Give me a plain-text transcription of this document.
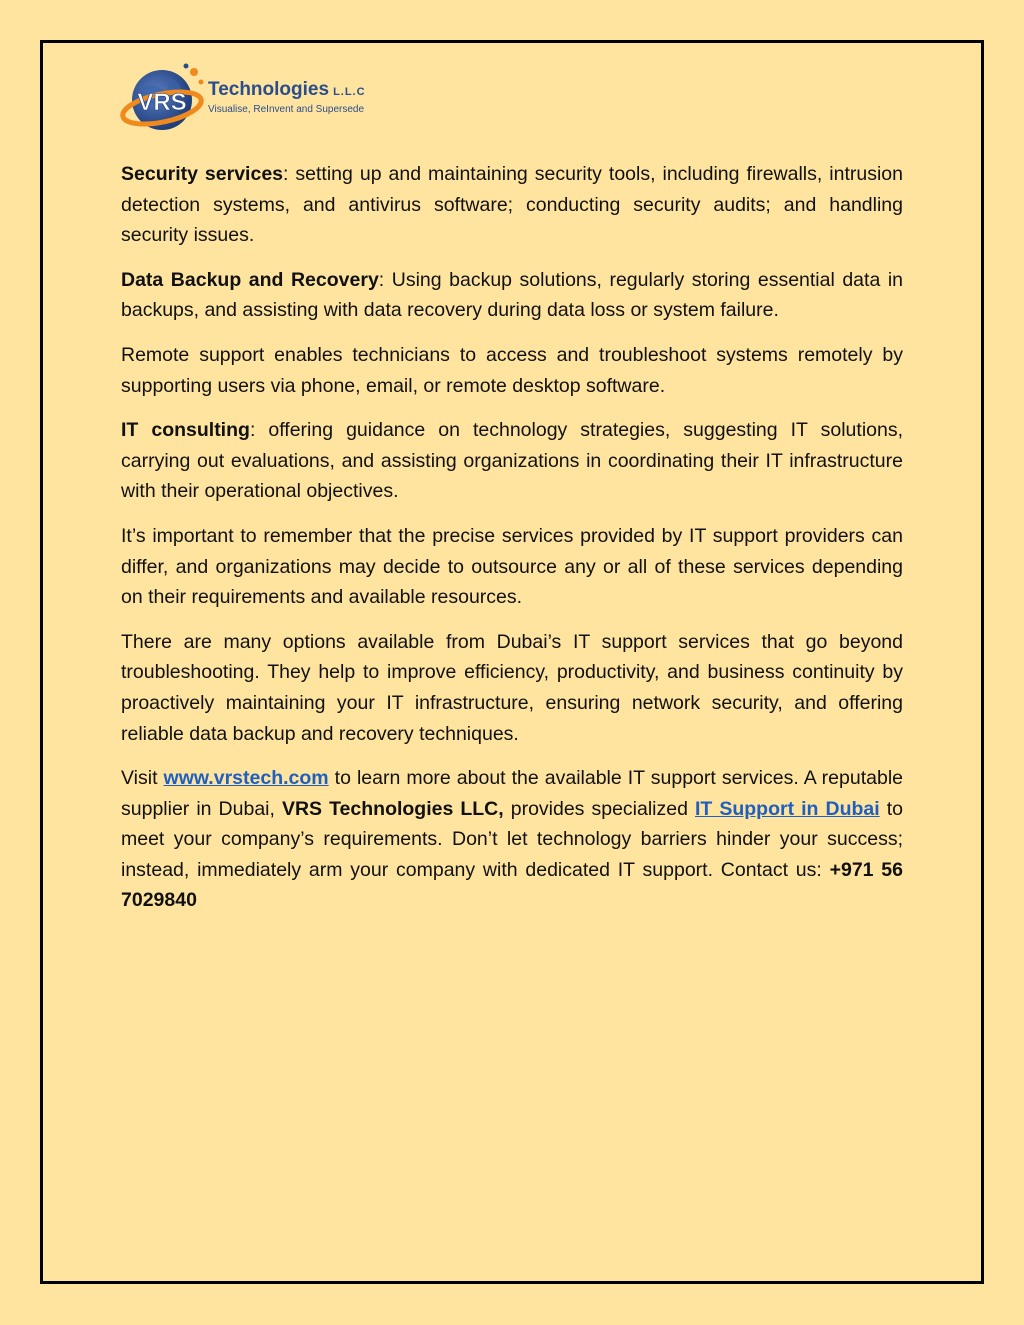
VRS Technologies L.L.C
Visualise, ReInvent and Supersede

Security services: setting up and maintaining security tools, including firewalls, intrusion detection systems, and antivirus software; conducting security audits; and handling security issues.

Data Backup and Recovery: Using backup solutions, regularly storing essential data in backups, and assisting with data recovery during data loss or system failure.

Remote support enables technicians to access and troubleshoot systems remotely by supporting users via phone, email, or remote desktop software.

IT consulting: offering guidance on technology strategies, suggesting IT solutions, carrying out evaluations, and assisting organizations in coordinating their IT infrastructure with their operational objectives.

It’s important to remember that the precise services provided by IT support providers can differ, and organizations may decide to outsource any or all of these services depending on their requirements and available resources.

There are many options available from Dubai’s IT support services that go beyond troubleshooting. They help to improve efficiency, productivity, and business continuity by proactively maintaining your IT infrastructure, ensuring network security, and offering reliable data backup and recovery techniques.

Visit www.vrstech.com to learn more about the available IT support services. A reputable supplier in Dubai, VRS Technologies LLC, provides specialized IT Support in Dubai to meet your company’s requirements. Don’t let technology barriers hinder your success; instead, immediately arm your company with dedicated IT support. Contact us: +971 56 7029840
